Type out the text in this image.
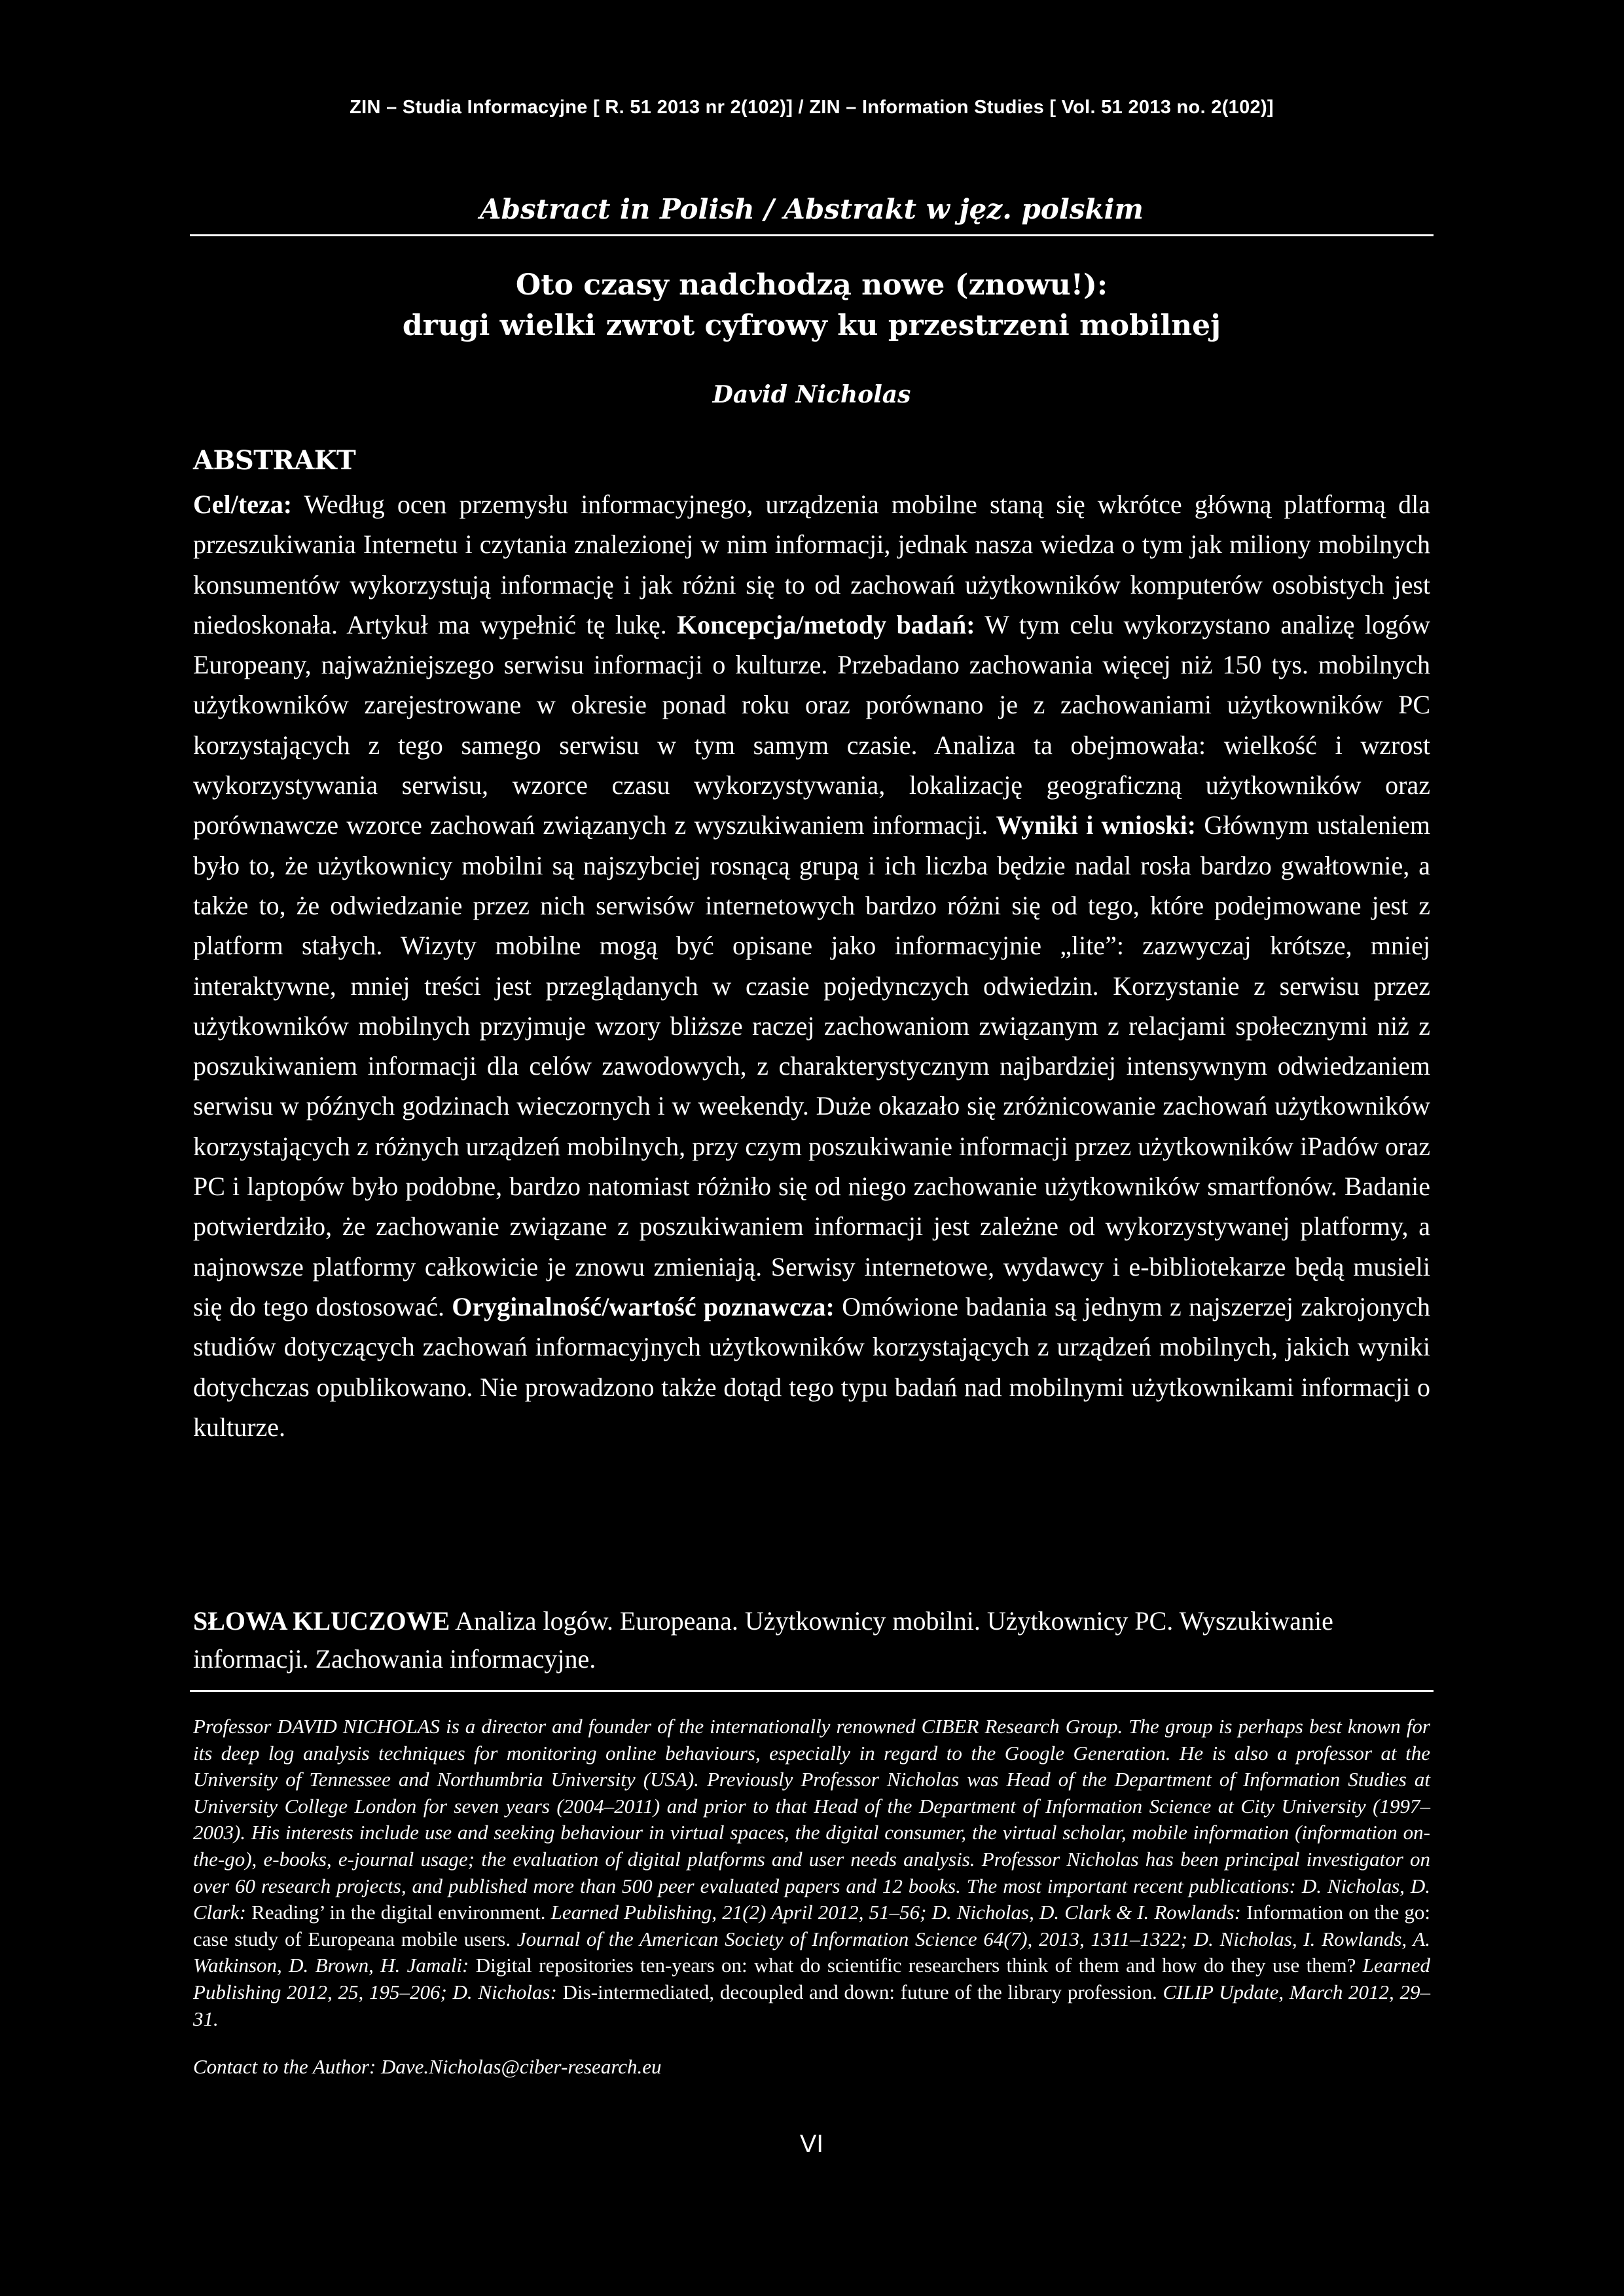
ZIN – Studia Informacyjne [ R. 51 2013 nr 2(102)] / ZIN – Information Studies [ Vol. 51 2013 no. 2(102)]
Abstract in Polish / Abstrakt w jęz. polskim
Oto czasy nadchodzą nowe (znowu!):
drugi wielki zwrot cyfrowy ku przestrzeni mobilnej
David Nicholas
ABSTRAKT

Cel/teza: Według ocen przemysłu informacyjnego, urządzenia mobilne staną się wkrótce główną platformą dla przeszukiwania Internetu i czytania znalezionej w nim informacji, jednak nasza wiedza o tym jak miliony mobilnych konsumentów wykorzystują informację i jak różni się to od zachowań użytkowników komputerów osobistych jest niedoskonała. Artykuł ma wypełnić tę lukę. Koncepcja/metody badań: W tym celu wykorzystano analizę logów Europeany, najważniejszego serwisu informacji o kulturze. Przebadano zachowania więcej niż 150 tys. mobilnych użytkowników zarejestrowane w okresie ponad roku oraz porównano je z zachowaniami użytkowników PC korzystających z tego samego serwisu w tym samym czasie. Analiza ta obejmowała: wielkość i wzrost wykorzystywania serwisu, wzorce czasu wykorzystywania, lokalizację geograficzną użytkowników oraz porównawcze wzorce zachowań związanych z wyszukiwaniem informacji. Wyniki i wnioski: Głównym ustaleniem było to, że użytkownicy mobilni są najszybciej rosnącą grupą i ich liczba będzie nadal rosła bardzo gwałtownie, a także to, że odwiedzanie przez nich serwisów internetowych bardzo różni się od tego, które podejmowane jest z platform stałych. Wizyty mobilne mogą być opisane jako informacyjnie „lite”: zazwyczaj krótsze, mniej interaktywne, mniej treści jest przeglądanych w czasie pojedynczych odwiedzin. Korzystanie z serwisu przez użytkowników mobilnych przyjmuje wzory bliższe raczej zachowaniom związanym z relacjami społecznymi niż z poszukiwaniem informacji dla celów zawodowych, z charakterystycznym najbardziej intensywnym odwiedzaniem serwisu w późnych godzinach wieczornych i w weekendy. Duże okazało się zróżnicowanie zachowań użytkowników korzystających z różnych urządzeń mobilnych, przy czym poszukiwanie informacji przez użytkowników iPadów oraz PC i laptopów było podobne, bardzo natomiast różniło się od niego zachowanie użytkowników smartfonów. Badanie potwierdziło, że zachowanie związane z poszukiwaniem informacji jest zależne od wykorzystywanej platformy, a najnowsze platformy całkowicie je znowu zmieniają. Serwisy internetowe, wydawcy i e-bibliotekarze będą musieli się do tego dostosować. Oryginalność/wartość poznawcza: Omówione badania są jednym z najszerzej zakrojonych studiów dotyczących zachowań informacyjnych użytkowników korzystających z urządzeń mobilnych, jakich wyniki dotychczas opublikowano. Nie prowadzono także dotąd tego typu badań nad mobilnymi użytkownikami informacji o kulturze.

SŁOWA KLUCZOWE Analiza logów. Europeana. Użytkownicy mobilni. Użytkownicy PC. Wyszukiwanie informacji. Zachowania informacyjne.

Professor DAVID NICHOLAS is a director and founder of the internationally renowned CIBER Research Group. The group is perhaps best known for its deep log analysis techniques for monitoring online behaviours, especially in regard to the Google Generation. He is also a professor at the University of Tennessee and Northumbria University (USA). Previously Professor Nicholas was Head of the Department of Information Studies at University College London for seven years (2004–2011) and prior to that Head of the Department of Information Science at City University (1997–2003). His interests include use and seeking behaviour in virtual spaces, the digital consumer, the virtual scholar, mobile information (information on-the-go), e-books, e-journal usage; the evaluation of digital platforms and user needs analysis. Professor Nicholas has been principal investigator on over 60 research projects, and published more than 500 peer evaluated papers and 12 books. The most important recent publications: D. Nicholas, D. Clark: Reading’ in the digital environment. Learned Publishing, 21(2) April 2012, 51–56; D. Nicholas, D. Clark & I. Rowlands: Information on the go: case study of Europeana mobile users. Journal of the American Society of Information Science 64(7), 2013, 1311–1322; D. Nicholas, I. Rowlands, A. Watkinson, D. Brown, H. Jamali: Digital repositories ten-years on: what do scientific researchers think of them and how do they use them? Learned Publishing 2012, 25, 195–206; D. Nicholas: Dis-intermediated, decoupled and down: future of the library profession. CILIP Update, March 2012, 29–31.

Contact to the Author: Dave.Nicholas@ciber-research.eu

VI
